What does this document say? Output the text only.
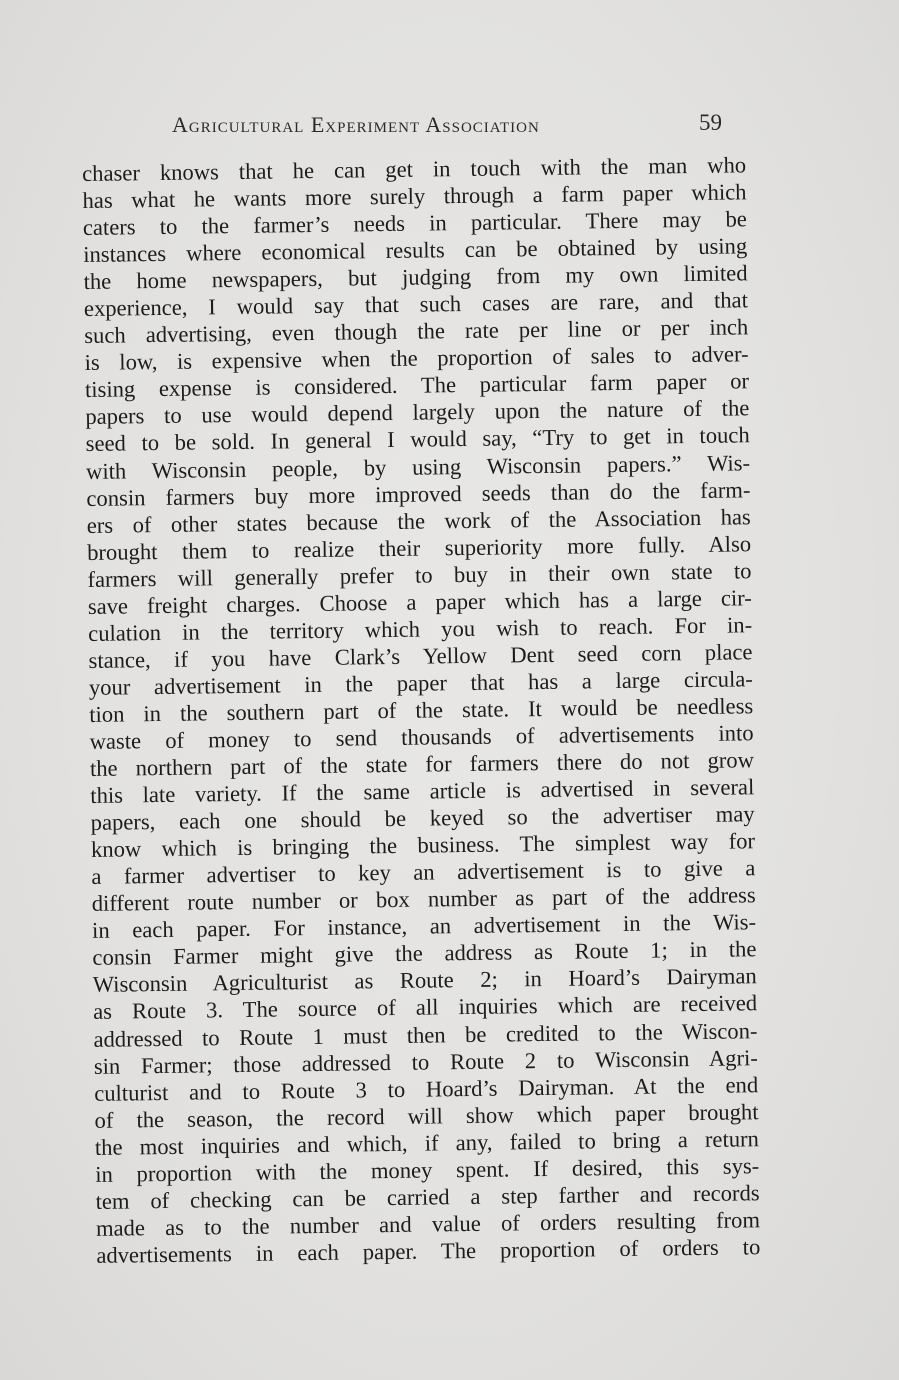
Agricultural Experiment Association	59
chaser knows that he can get in touch with the man who
has what he wants more surely through a farm paper which
caters to the farmer’s needs in particular. There may be
instances where economical results can be obtained by using
the home newspapers, but judging from my own limited
experience, I would say that such cases are rare, and that
such advertising, even though the rate per line or per inch
is low, is expensive when the proportion of sales to adver-
tising expense is considered. The particular farm paper or
papers to use would depend largely upon the nature of the
seed to be sold. In general I would say, “Try to get in touch
with Wisconsin people, by using Wisconsin papers.” Wis-
consin farmers buy more improved seeds than do the farm-
ers of other states because the work of the Association has
brought them to realize their superiority more fully. Also
farmers will generally prefer to buy in their own state to
save freight charges. Choose a paper which has a large cir-
culation in the territory which you wish to reach. For in-
stance, if you have Clark’s Yellow Dent seed corn place
your advertisement in the paper that has a large circula-
tion in the southern part of the state. It would be needless
waste of money to send thousands of advertisements into
the northern part of the state for farmers there do not grow
this late variety. If the same article is advertised in several
papers, each one should be keyed so the advertiser may
know which is bringing the business. The simplest way for
a farmer advertiser to key an advertisement is to give a
different route number or box number as part of the address
in each paper. For instance, an advertisement in the Wis-
consin Farmer might give the address as Route 1; in the
Wisconsin Agriculturist as Route 2; in Hoard’s Dairyman
as Route 3. The source of all inquiries which are received
addressed to Route 1 must then be credited to the Wiscon-
sin Farmer; those addressed to Route 2 to Wisconsin Agri-
culturist and to Route 3 to Hoard’s Dairyman. At the end
of the season, the record will show which paper brought
the most inquiries and which, if any, failed to bring a return
in proportion with the money spent. If desired, this sys-
tem of checking can be carried a step farther and records
made as to the number and value of orders resulting from
advertisements in each paper. The proportion of orders to
